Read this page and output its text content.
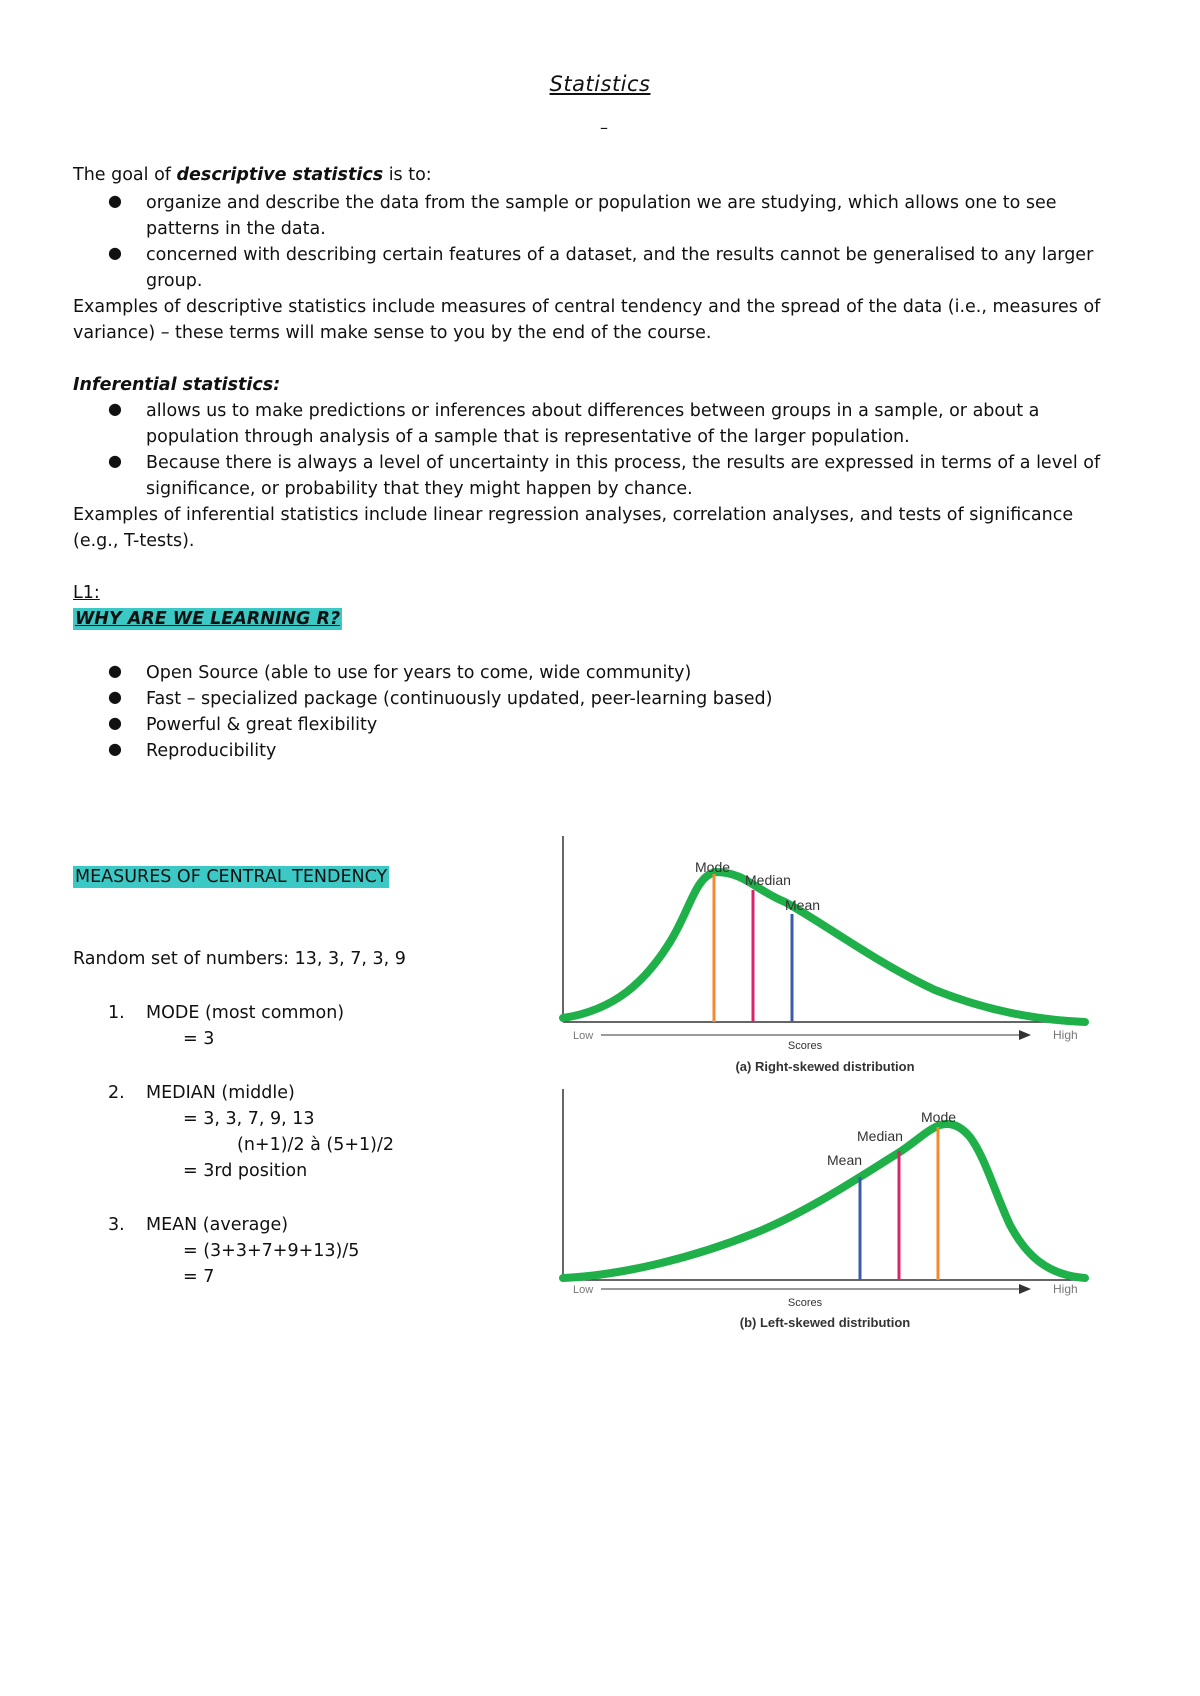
Statistics
–
The goal of descriptive statistics is to:
● organize and describe the data from the sample or population we are studying, which allows one to see
patterns in the data.
● concerned with describing certain features of a dataset, and the results cannot be generalised to any larger
group.
Examples of descriptive statistics include measures of central tendency and the spread of the data (i.e., measures of
variance) – these terms will make sense to you by the end of the course.
Inferential statistics:
● allows us to make predictions or inferences about differences between groups in a sample, or about a
population through analysis of a sample that is representative of the larger population.
● Because there is always a level of uncertainty in this process, the results are expressed in terms of a level of
significance, or probability that they might happen by chance.
Examples of inferential statistics include linear regression analyses, correlation analyses, and tests of significance
(e.g., T-tests).
L1:
WHY ARE WE LEARNING R?
● Open Source (able to use for years to come, wide community)
● Fast – specialized package (continuously updated, peer-learning based)
● Powerful & great flexibility
● Reproducibility
MEASURES OF CENTRAL TENDENCY
Random set of numbers: 13, 3, 7, 3, 9
1. MODE (most common)
= 3
2. MEDIAN (middle)
= 3, 3, 7, 9, 13
(n+1)/2 à (5+1)/2
= 3rd position
3. MEAN (average)
= (3+3+7+9+13)/5
= 7
Mode
Median
Mean
Low	High
Scores
(a) Right-skewed distribution
Mode
Median
Mean
Low	High
Scores
(b) Left-skewed distribution
